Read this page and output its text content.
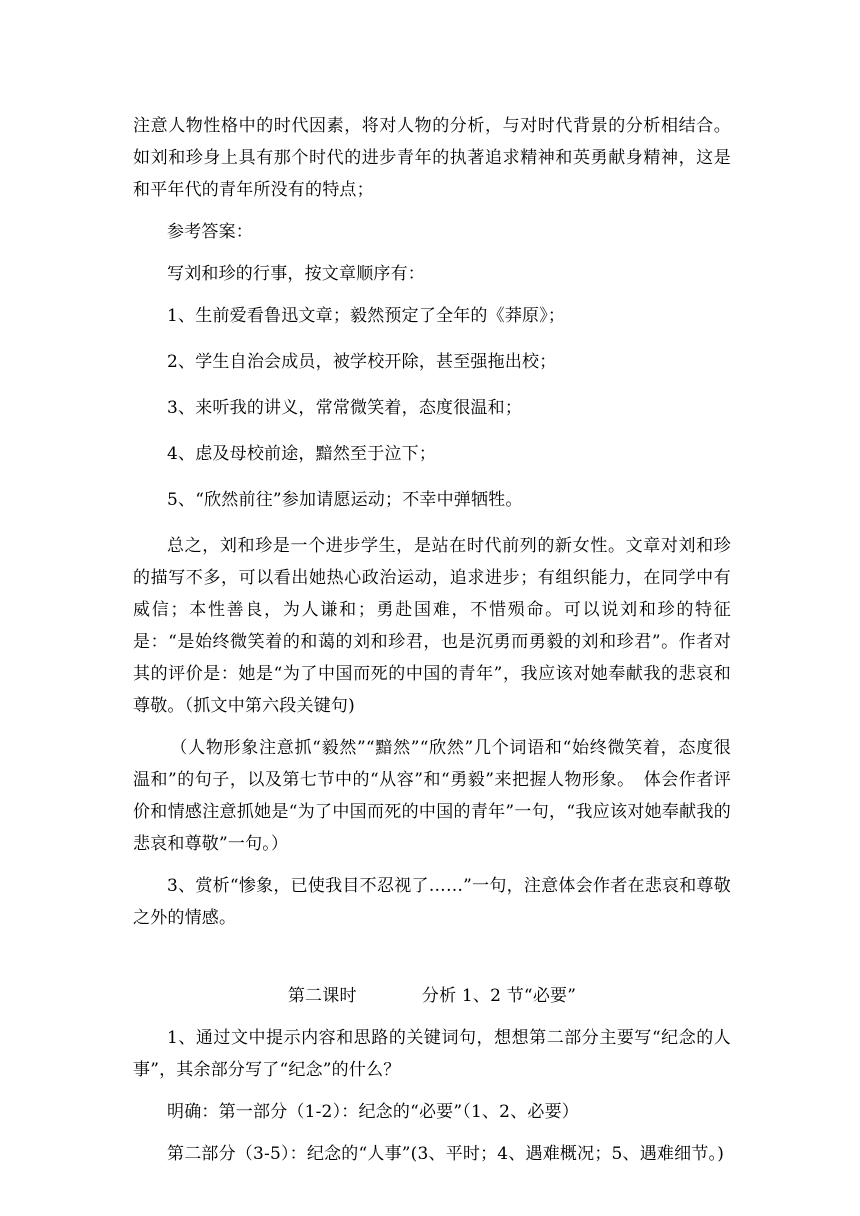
注意人物性格中的时代因素，将对人物的分析，与对时代背景的分析相结合。如刘和珍身上具有那个时代的进步青年的执著追求精神和英勇献身精神，这是和平年代的青年所没有的特点；

参考答案：

写刘和珍的行事，按文章顺序有：

1、生前爱看鲁迅文章；毅然预定了全年的《莽原》；

2、学生自治会成员，被学校开除，甚至强拖出校；

3、来听我的讲义，常常微笑着，态度很温和；

4、虑及母校前途，黯然至于泣下；

5、“欣然前往”参加请愿运动；不幸中弹牺牲。

总之，刘和珍是一个进步学生，是站在时代前列的新女性。文章对刘和珍的描写不多，可以看出她热心政治运动，追求进步；有组织能力，在同学中有威信；本性善良，为人谦和；勇赴国难，不惜殒命。可以说刘和珍的特征是：“是始终微笑着的和蔼的刘和珍君，也是沉勇而勇毅的刘和珍君”。作者对其的评价是：她是“为了中国而死的中国的青年”，我应该对她奉献我的悲哀和尊敬。（抓文中第六段关键句)

（人物形象注意抓“毅然”“黯然”“欣然”几个词语和“始终微笑着，态度很温和”的句子，以及第七节中的“从容”和“勇毅”来把握人物形象。　体会作者评价和情感注意抓她是“为了中国而死的中国的青年”一句，“我应该对她奉献我的悲哀和尊敬”一句。）

3、赏析“惨象，已使我目不忍视了……”一句，注意体会作者在悲哀和尊敬之外的情感。

第二课时	分析 1、2 节“必要”

1、通过文中提示内容和思路的关键词句，想想第二部分主要写“纪念的人事”，其余部分写了“纪念”的什么？

明确：第一部分（1-2）：纪念的“必要”（1、2、必要）

第二部分（3-5）：纪念的“人事”(3、平时；4、遇难概况；5、遇难细节。)
